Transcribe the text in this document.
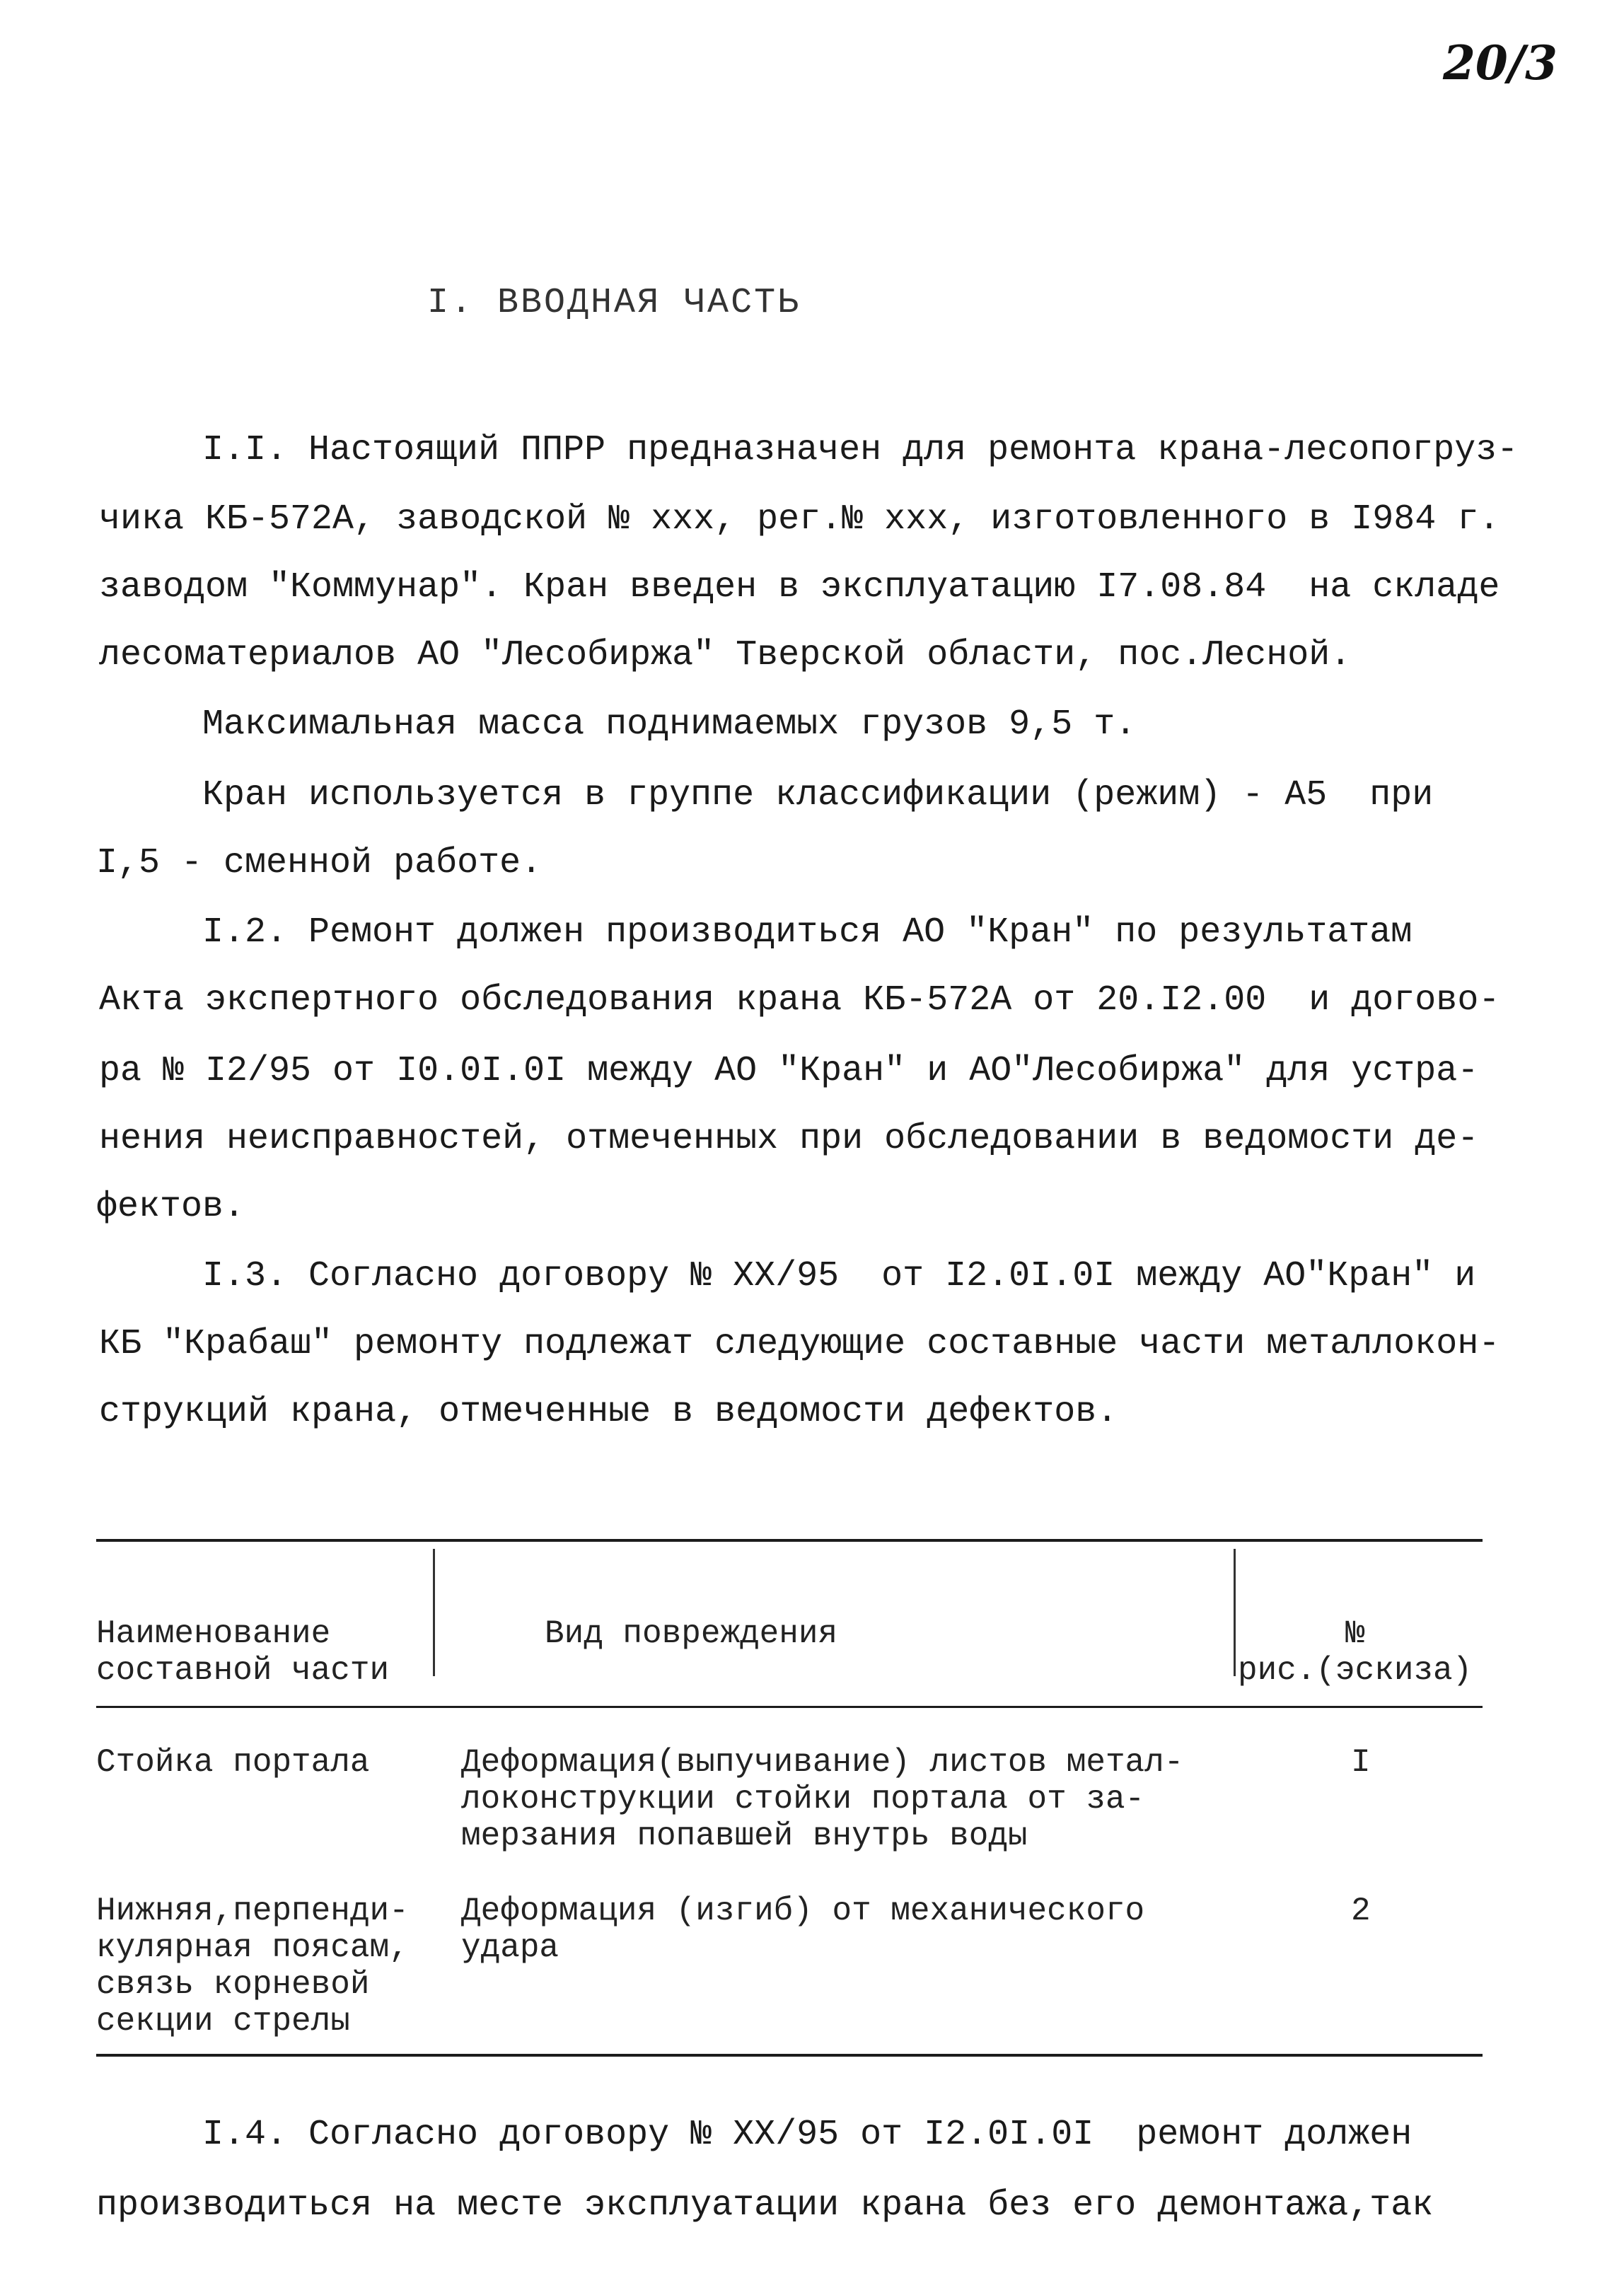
20/3
I. ВВОДНАЯ ЧАСТЬ
I.I. Настоящий ППРР предназначен для ремонта крана-лесопогруз-
чика КБ-572А, заводской № ххх, рег.№ ххх, изготовленного в I984 г.
заводом "Коммунар". Кран введен в эксплуатацию I7.08.84  на складе
лесоматериалов АО "Лесобиржа" Тверской области, пос.Лесной.
Максимальная масса поднимаемых грузов 9,5 т.
Кран используется в группе классификации (режим) - А5  при
I,5 - сменной работе.
I.2. Ремонт должен производиться АО "Кран" по результатам
Акта экспертного обследования крана КБ-572А от 20.I2.00  и догово-
ра № I2/95 от I0.0I.0I между АО "Кран" и АО"Лесобиржа" для устра-
нения неисправностей, отмеченных при обследовании в ведомости де-
фектов.
I.3. Согласно договору № XX/95  от I2.0I.0I между АО"Кран" и
КБ "Крабаш" ремонту подлежат следующие составные части металлокон-
струкций крана, отмеченные в ведомости дефектов.
Наименование
составной части
Вид повреждения	№
рис.(эскиза)
Стойка портала	Деформация(выпучивание) листов метал-
локонструкции стойки портала от за-
мерзания попавшей внутрь воды
I
Нижняя,перпенди-
кулярная поясам,
связь корневой
секции стрелы
Деформация (изгиб) от механического
удара
2
I.4. Согласно договору № XX/95 от I2.0I.0I  ремонт должен
производиться на месте эксплуатации крана без его демонтажа,так
